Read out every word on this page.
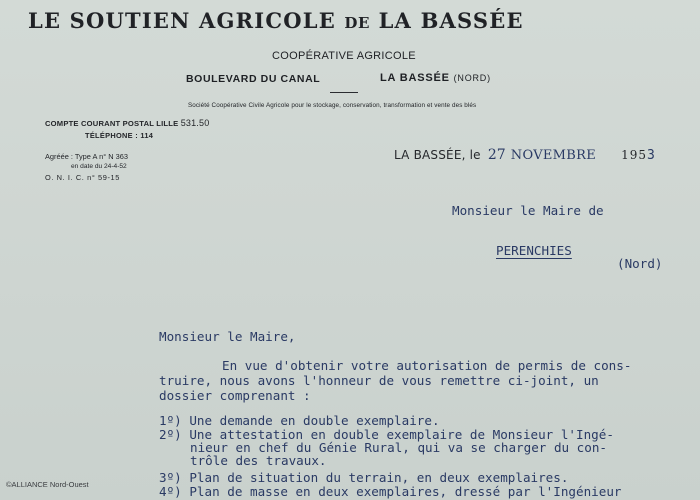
LE SOUTIEN AGRICOLE DE LA BASSÉE
COOPÉRATIVE AGRICOLE
BOULEVARD DU CANAL	LA BASSÉE (NORD)
Société Coopérative Civile Agricole pour le stockage, conservation, transformation et vente des blés
COMPTE COURANT POSTAL LILLE 531.50
TÉLÉPHONE : 114
Agréée : Type A n° N 363
en date du 24-4-52
O. N. I. C. n° 59-15
LA BASSÉE, le 27 NOVEMBRE 1953
Monsieur le Maire de
PERENCHIES
(Nord)
Monsieur le Maire,
En vue d'obtenir votre autorisation de permis de cons-
truire, nous avons l'honneur de vous remettre ci-joint, un
dossier comprenant :
1º) Une demande en double exemplaire.
2º) Une attestation en double exemplaire de Monsieur l'Ingé-
nieur en chef du Génie Rural, qui va se charger du con-
trôle des travaux.
3º) Plan de situation du terrain, en deux exemplaires.
4º) Plan de masse en deux exemplaires, dressé par l'Ingénieur
©ALLIANCE Nord-Ouest
